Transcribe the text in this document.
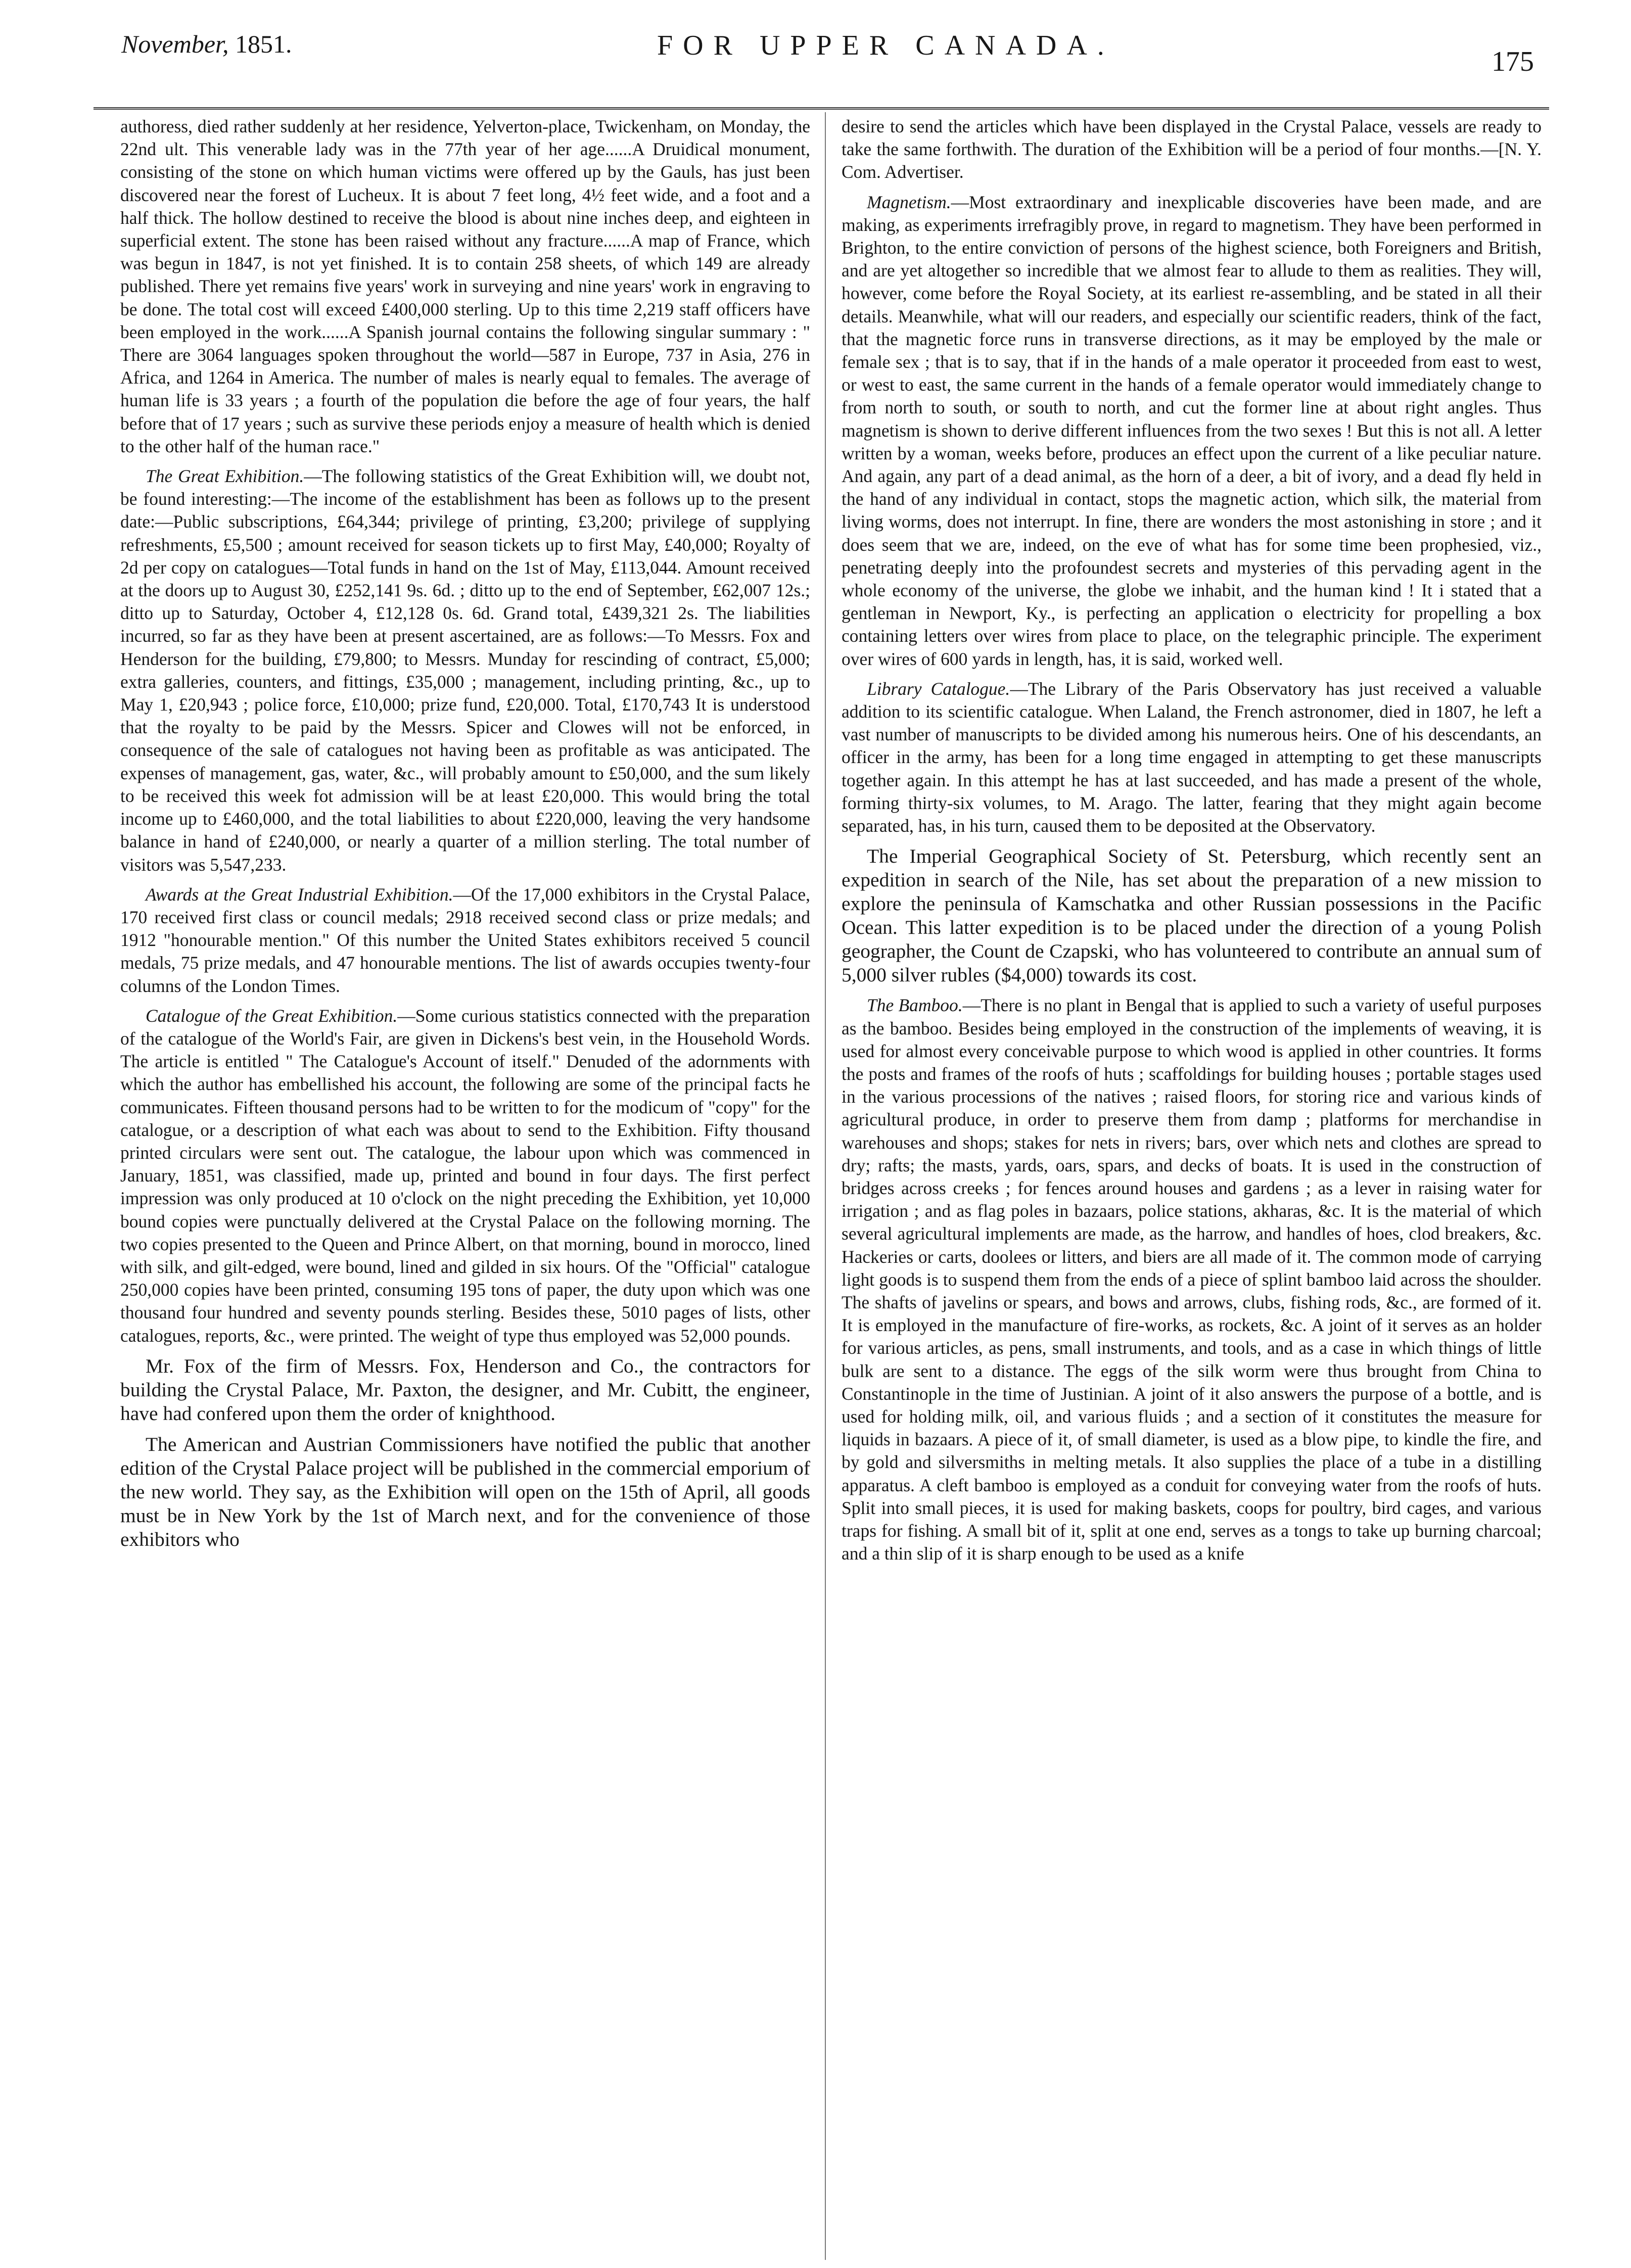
November, 1851.	FOR UPPER CANADA.
175

authoress, died rather suddenly at her residence, Yelverton-place, Twickenham, on Monday, the 22nd ult. This venerable lady was in the 77th year of her age......A Druidical monument, consisting of the stone on which human victims were offered up by the Gauls, has just been discovered near the forest of Lucheux. It is about 7 feet long, 4½ feet wide, and a foot and a half thick. The hollow destined to receive the blood is about nine inches deep, and eighteen in superficial extent. The stone has been raised without any fracture......A map of France, which was begun in 1847, is not yet finished. It is to contain 258 sheets, of which 149 are already published. There yet remains five years' work in surveying and nine years' work in engraving to be done. The total cost will exceed £400,000 sterling. Up to this time 2,219 staff officers have been employed in the work......A Spanish journal contains the following singular summary : " There are 3064 languages spoken throughout the world—587 in Europe, 737 in Asia, 276 in Africa, and 1264 in America. The number of males is nearly equal to females. The average of human life is 33 years ; a fourth of the population die before the age of four years, the half before that of 17 years ; such as survive these periods enjoy a measure of health which is denied to the other half of the human race."

The Great Exhibition.—The following statistics of the Great Exhibition will, we doubt not, be found interesting:—The income of the establishment has been as follows up to the present date:—Public subscriptions, £64,344; privilege of printing, £3,200; privilege of supplying refreshments, £5,500 ; amount received for season tickets up to first May, £40,000; Royalty of 2d per copy on catalogues—Total funds in hand on the 1st of May, £113,044. Amount received at the doors up to August 30, £252,141 9s. 6d. ; ditto up to the end of September, £62,007 12s.; ditto up to Saturday, October 4, £12,128 0s. 6d. Grand total, £439,321 2s. The liabilities incurred, so far as they have been at present ascertained, are as follows:—To Messrs. Fox and Henderson for the building, £79,800; to Messrs. Munday for rescinding of contract, £5,000; extra galleries, counters, and fittings, £35,000 ; management, including printing, &c., up to May 1, £20,943 ; police force, £10,000; prize fund, £20,000. Total, £170,743 It is understood that the royalty to be paid by the Messrs. Spicer and Clowes will not be enforced, in consequence of the sale of catalogues not having been as profitable as was anticipated. The expenses of management, gas, water, &c., will probably amount to £50,000, and the sum likely to be received this week fot admission will be at least £20,000. This would bring the total income up to £460,000, and the total liabilities to about £220,000, leaving the very handsome balance in hand of £240,000, or nearly a quarter of a million sterling. The total number of visitors was 5,547,233.

Awards at the Great Industrial Exhibition.—Of the 17,000 exhibitors in the Crystal Palace, 170 received first class or council medals; 2918 received second class or prize medals; and 1912 "honourable mention." Of this number the United States exhibitors received 5 council medals, 75 prize medals, and 47 honourable mentions. The list of awards occupies twenty-four columns of the London Times.

Catalogue of the Great Exhibition.—Some curious statistics connected with the preparation of the catalogue of the World's Fair, are given in Dickens's best vein, in the Household Words. The article is entitled " The Catalogue's Account of itself." Denuded of the adornments with which the author has embellished his account, the following are some of the principal facts he communicates. Fifteen thousand persons had to be written to for the modicum of "copy" for the catalogue, or a description of what each was about to send to the Exhibition. Fifty thousand printed circulars were sent out. The catalogue, the labour upon which was commenced in January, 1851, was classified, made up, printed and bound in four days. The first perfect impression was only produced at 10 o'clock on the night preceding the Exhibition, yet 10,000 bound copies were punctually delivered at the Crystal Palace on the following morning. The two copies presented to the Queen and Prince Albert, on that morning, bound in morocco, lined with silk, and gilt-edged, were bound, lined and gilded in six hours. Of the "Official" catalogue 250,000 copies have been printed, consuming 195 tons of paper, the duty upon which was one thousand four hundred and seventy pounds sterling. Besides these, 5010 pages of lists, other catalogues, reports, &c., were printed. The weight of type thus employed was 52,000 pounds.

Mr. Fox of the firm of Messrs. Fox, Henderson and Co., the contractors for building the Crystal Palace, Mr. Paxton, the designer, and Mr. Cubitt, the engineer, have had confered upon them the order of knighthood.

The American and Austrian Commissioners have notified the public that another edition of the Crystal Palace project will be published in the commercial emporium of the new world. They say, as the Exhibition will open on the 15th of April, all goods must be in New York by the 1st of March next, and for the convenience of those exhibitors who

desire to send the articles which have been displayed in the Crystal Palace, vessels are ready to take the same forthwith. The duration of the Exhibition will be a period of four months.—[N. Y. Com. Advertiser.

Magnetism.—Most extraordinary and inexplicable discoveries have been made, and are making, as experiments irrefragibly prove, in regard to magnetism. They have been performed in Brighton, to the entire conviction of persons of the highest science, both Foreigners and British, and are yet altogether so incredible that we almost fear to allude to them as realities. They will, however, come before the Royal Society, at its earliest re-assembling, and be stated in all their details. Meanwhile, what will our readers, and especially our scientific readers, think of the fact, that the magnetic force runs in transverse directions, as it may be employed by the male or female sex ; that is to say, that if in the hands of a male operator it proceeded from east to west, or west to east, the same current in the hands of a female operator would immediately change to from north to south, or south to north, and cut the former line at about right angles. Thus magnetism is shown to derive different influences from the two sexes ! But this is not all. A letter written by a woman, weeks before, produces an effect upon the current of a like peculiar nature. And again, any part of a dead animal, as the horn of a deer, a bit of ivory, and a dead fly held in the hand of any individual in contact, stops the magnetic action, which silk, the material from living worms, does not interrupt. In fine, there are wonders the most astonishing in store ; and it does seem that we are, indeed, on the eve of what has for some time been prophesied, viz., penetrating deeply into the profoundest secrets and mysteries of this pervading agent in the whole economy of the universe, the globe we inhabit, and the human kind ! It i stated that a gentleman in Newport, Ky., is perfecting an application o electricity for propelling a box containing letters over wires from place to place, on the telegraphic principle. The experiment over wires of 600 yards in length, has, it is said, worked well.

Library Catalogue.—The Library of the Paris Observatory has just received a valuable addition to its scientific catalogue. When Laland, the French astronomer, died in 1807, he left a vast number of manuscripts to be divided among his numerous heirs. One of his descendants, an officer in the army, has been for a long time engaged in attempting to get these manuscripts together again. In this attempt he has at last succeeded, and has made a present of the whole, forming thirty-six volumes, to M. Arago. The latter, fearing that they might again become separated, has, in his turn, caused them to be deposited at the Observatory.

The Imperial Geographical Society of St. Petersburg, which recently sent an expedition in search of the Nile, has set about the preparation of a new mission to explore the peninsula of Kamschatka and other Russian possessions in the Pacific Ocean. This latter expedition is to be placed under the direction of a young Polish geographer, the Count de Czapski, who has volunteered to contribute an annual sum of 5,000 silver rubles ($4,000) towards its cost.

The Bamboo.—There is no plant in Bengal that is applied to such a variety of useful purposes as the bamboo. Besides being employed in the construction of the implements of weaving, it is used for almost every conceivable purpose to which wood is applied in other countries. It forms the posts and frames of the roofs of huts ; scaffoldings for building houses ; portable stages used in the various processions of the natives ; raised floors, for storing rice and various kinds of agricultural produce, in order to preserve them from damp ; platforms for merchandise in warehouses and shops; stakes for nets in rivers; bars, over which nets and clothes are spread to dry; rafts; the masts, yards, oars, spars, and decks of boats. It is used in the construction of bridges across creeks ; for fences around houses and gardens ; as a lever in raising water for irrigation ; and as flag poles in bazaars, police stations, akharas, &c. It is the material of which several agricultural implements are made, as the harrow, and handles of hoes, clod breakers, &c. Hackeries or carts, doolees or litters, and biers are all made of it. The common mode of carrying light goods is to suspend them from the ends of a piece of splint bamboo laid across the shoulder. The shafts of javelins or spears, and bows and arrows, clubs, fishing rods, &c., are formed of it. It is employed in the manufacture of fire-works, as rockets, &c. A joint of it serves as an holder for various articles, as pens, small instruments, and tools, and as a case in which things of little bulk are sent to a distance. The eggs of the silk worm were thus brought from China to Constantinople in the time of Justinian. A joint of it also answers the purpose of a bottle, and is used for holding milk, oil, and various fluids ; and a section of it constitutes the measure for liquids in bazaars. A piece of it, of small diameter, is used as a blow pipe, to kindle the fire, and by gold and silversmiths in melting metals. It also supplies the place of a tube in a distilling apparatus. A cleft bamboo is employed as a conduit for conveying water from the roofs of huts. Split into small pieces, it is used for making baskets, coops for poultry, bird cages, and various traps for fishing. A small bit of it, split at one end, serves as a tongs to take up burning charcoal; and a thin slip of it is sharp enough to be used as a knife
